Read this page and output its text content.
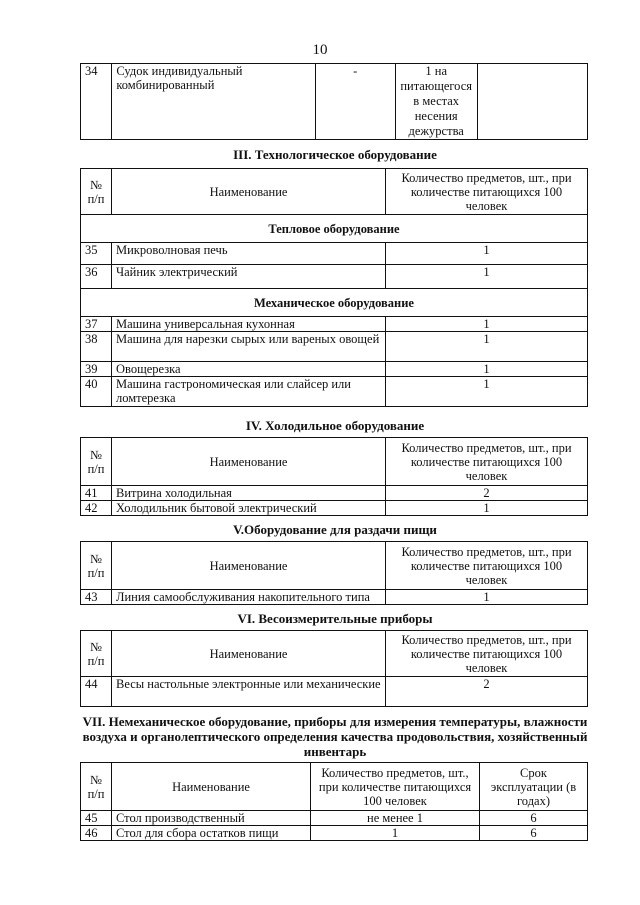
10
34	Судок индивидуальный комбинированный	-	1 на питающегося в местах несения дежурства	
III. Технологическое оборудование
№ п/п	Наименование	Количество предметов, шт., при количестве питающихся 100 человек
Тепловое оборудование		
35	Микроволновая печь	1
36	Чайник электрический	1
Механическое оборудование		
37	Машина универсальная кухонная	1
38	Машина для нарезки сырых или вареных овощей	1
39	Овощерезка	1
40	Машина гастрономическая или слайсер или ломтерезка	1
IV. Холодильное оборудование
№ п/п	Наименование	Количество предметов, шт., при количестве питающихся 100 человек
41	Витрина холодильная	2
42	Холодильник бытовой электрический	1
V.Оборудование для раздачи пищи
№ п/п	Наименование	Количество предметов, шт., при количестве питающихся 100 человек
43	Линия самообслуживания накопительного типа	1
VI. Весоизмерительные приборы
№ п/п	Наименование	Количество предметов, шт., при количестве питающихся 100 человек
44	Весы настольные электронные или механические	2
VII. Немеханическое оборудование, приборы для измерения температуры, влажности воздуха и органолептического определения качества продовольствия, хозяйственный инвентарь
№ п/п	Наименование	Количество предметов, шт., при количестве питающихся 100 человек	Срок эксплуатации (в годах)
45	Стол производственный	не менее 1	6
46	Стол для сбора остатков пищи	1	6
